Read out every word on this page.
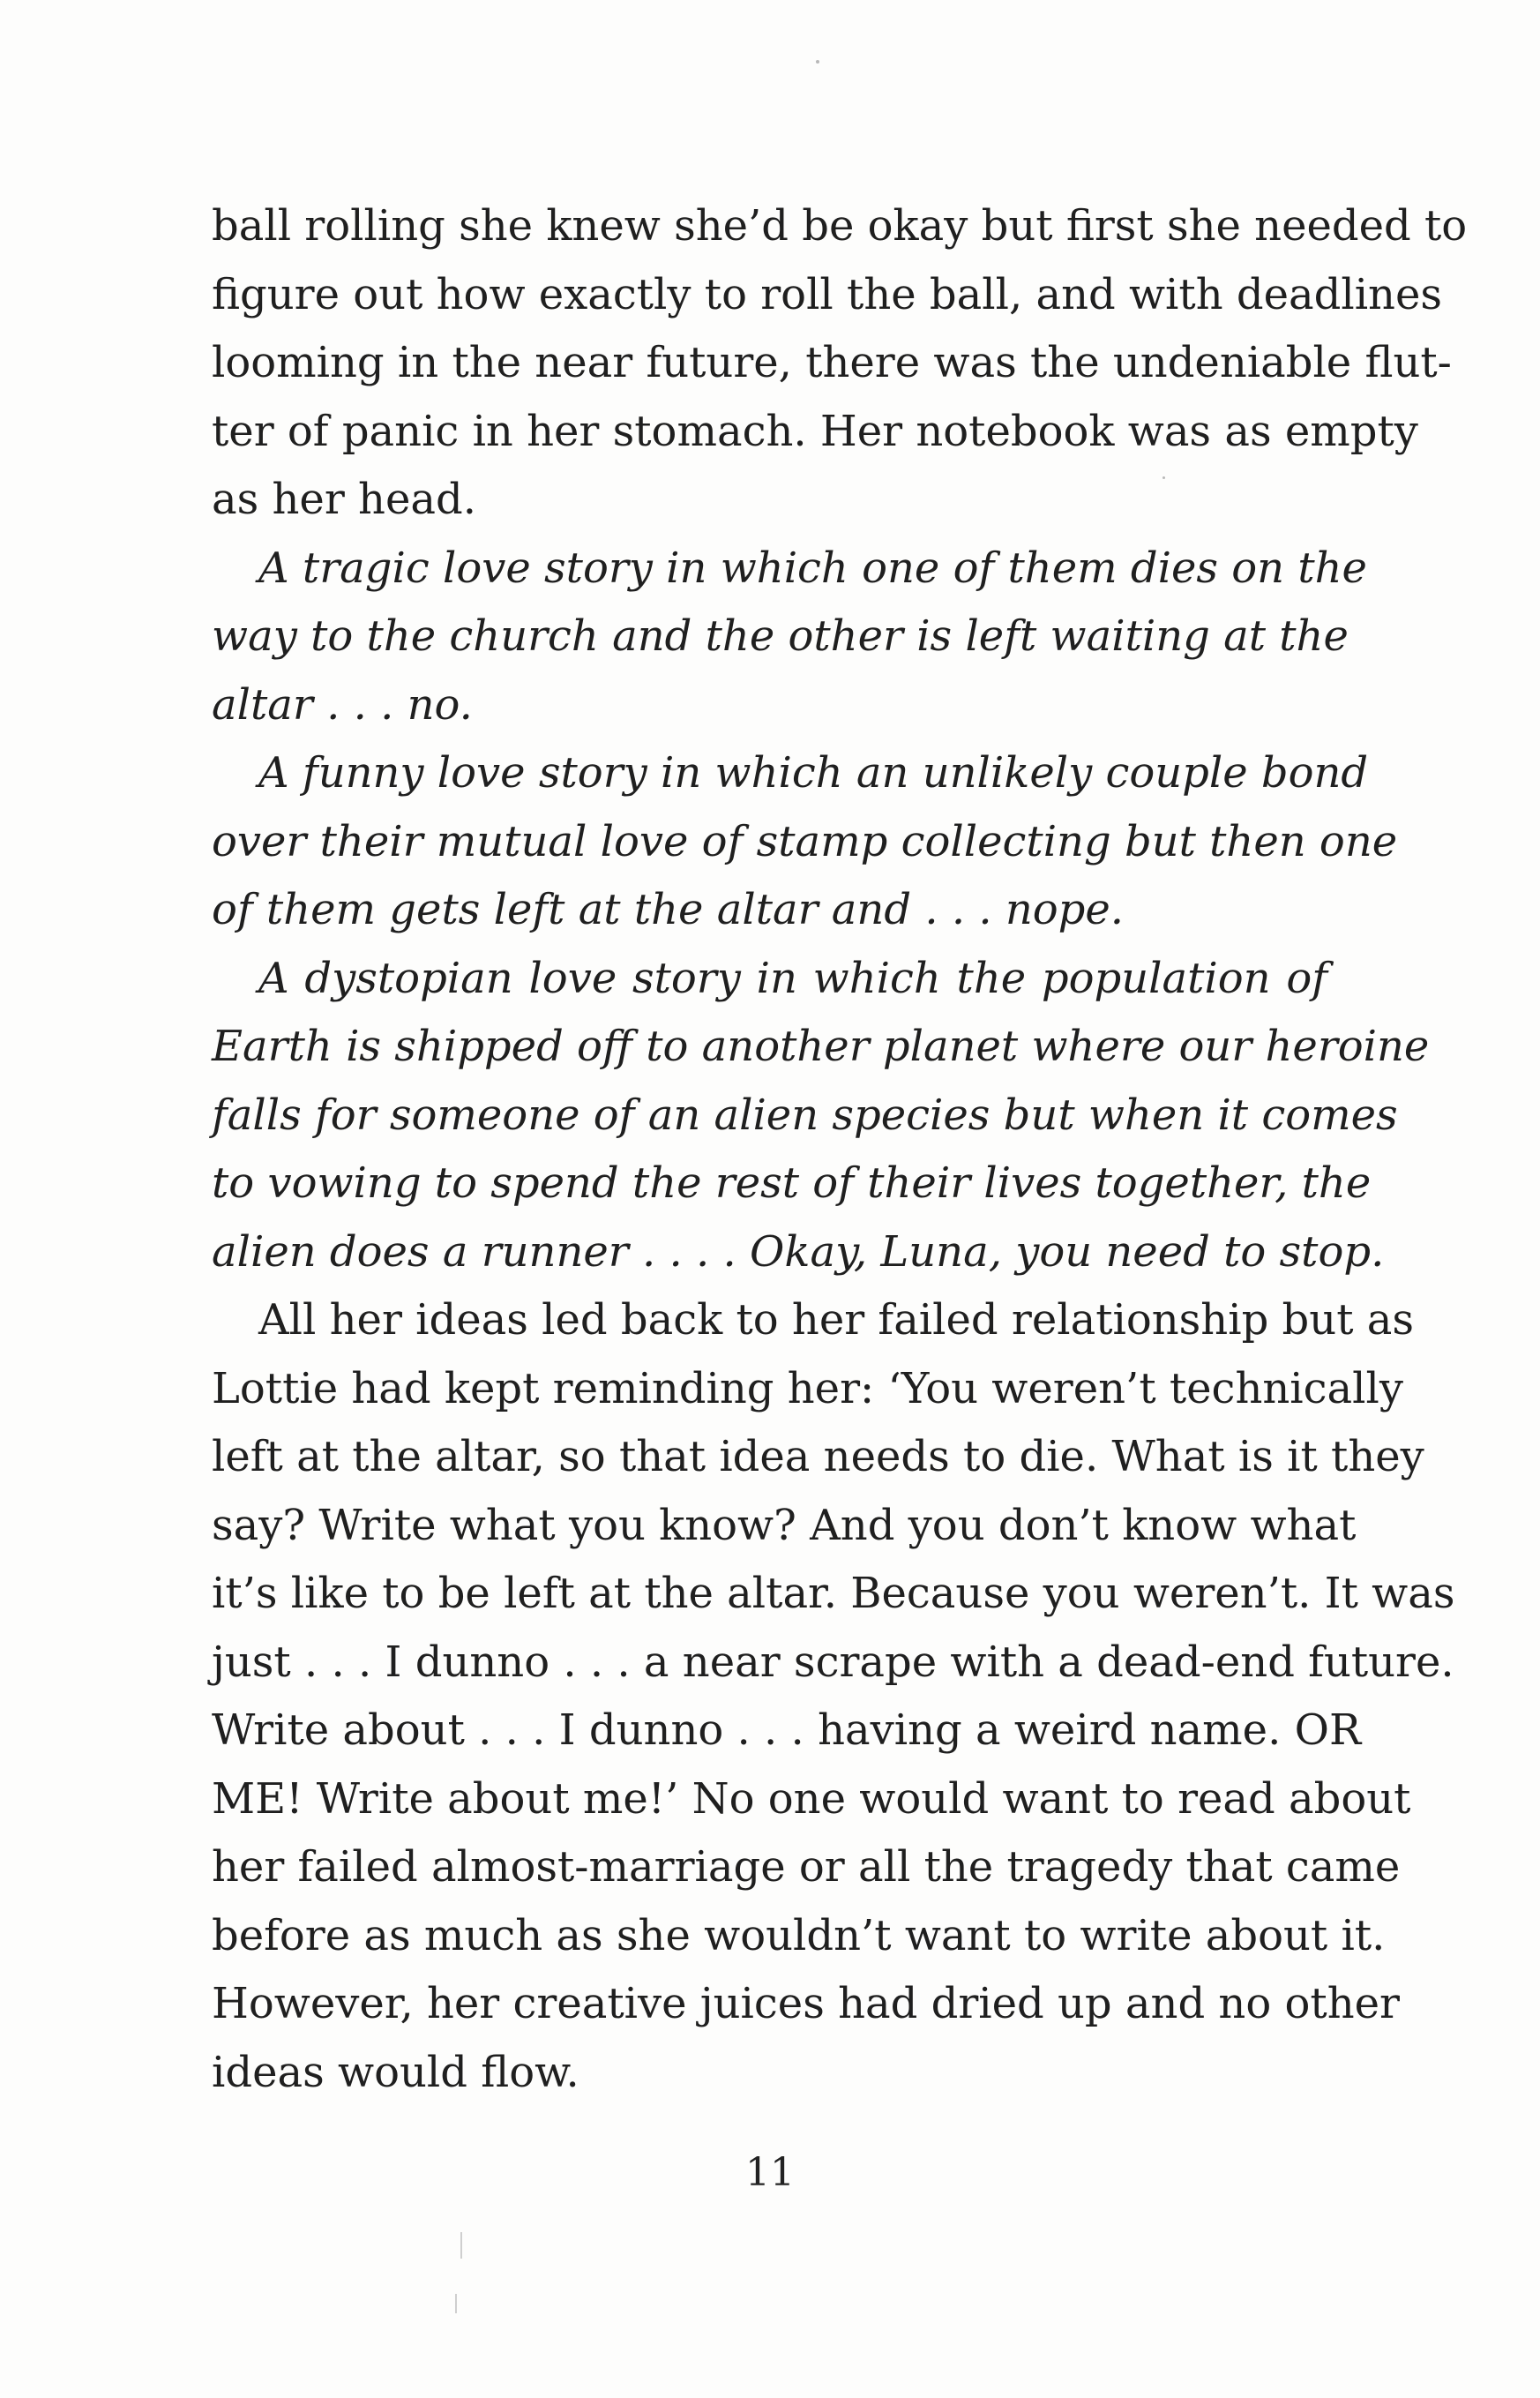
ball rolling she knew she’d be okay but first she needed to
figure out how exactly to roll the ball, and with deadlines
looming in the near future, there was the undeniable flut-
ter of panic in her stomach. Her notebook was as empty
as her head.
A tragic love story in which one of them dies on the
way to the church and the other is left waiting at the
altar . . . no.
A funny love story in which an unlikely couple bond
over their mutual love of stamp collecting but then one
of them gets left at the altar and . . . nope.
A dystopian love story in which the population of
Earth is shipped off to another planet where our heroine
falls for someone of an alien species but when it comes
to vowing to spend the rest of their lives together, the
alien does a runner . . . . Okay, Luna, you need to stop.
All her ideas led back to her failed relationship but as
Lottie had kept reminding her: ‘You weren’t technically
left at the altar, so that idea needs to die. What is it they
say? Write what you know? And you don’t know what
it’s like to be left at the altar. Because you weren’t. It was
just . . . I dunno . . . a near scrape with a dead-end future.
Write about . . . I dunno . . . having a weird name. OR
ME! Write about me!’ No one would want to read about
her failed almost-marriage or all the tragedy that came
before as much as she wouldn’t want to write about it.
However, her creative juices had dried up and no other
ideas would flow.
11
